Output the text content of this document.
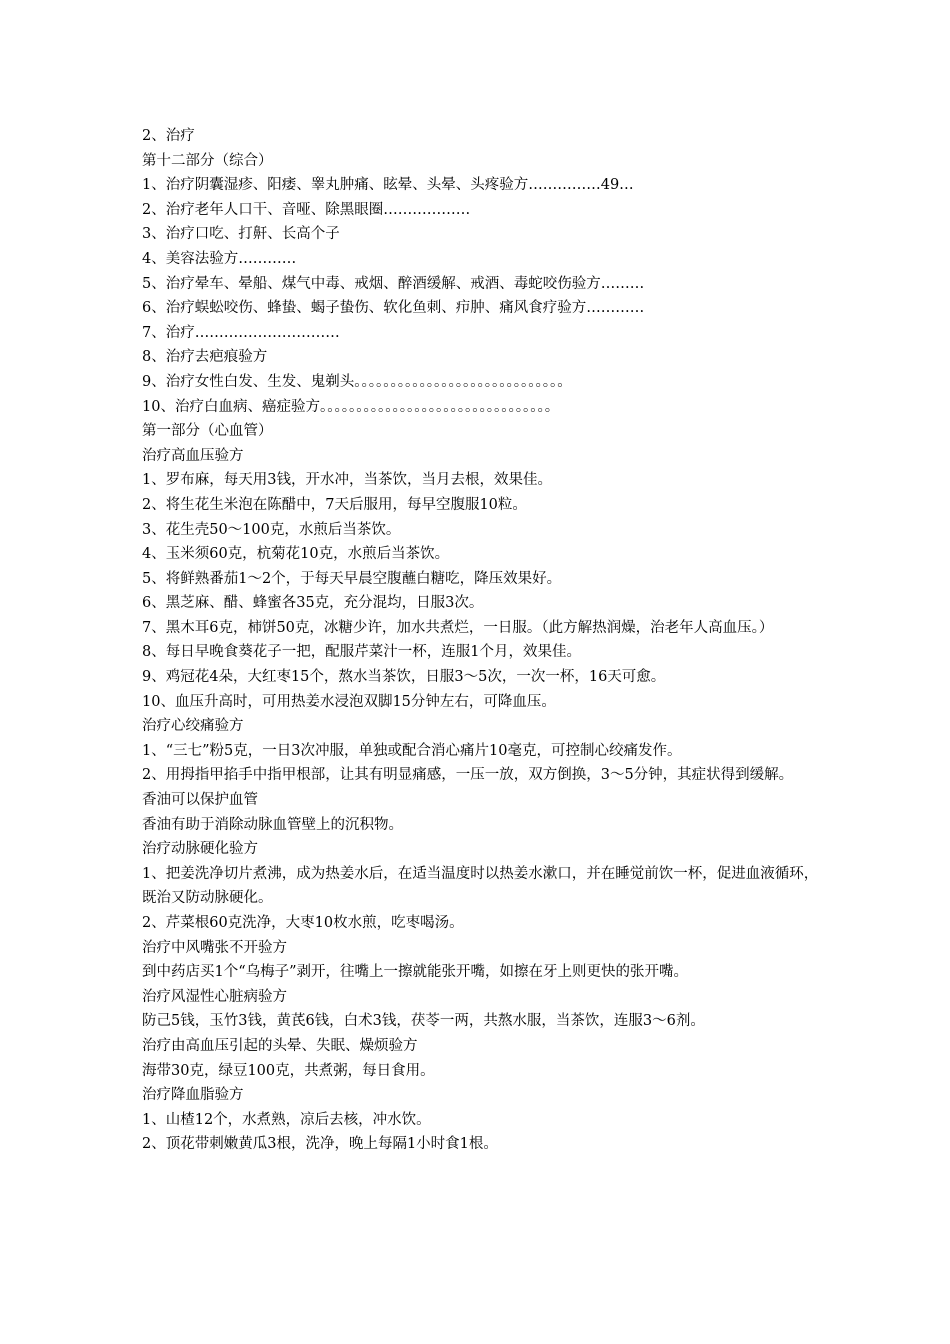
2、治疗

第十二部分（综合）

1、治疗阴囊湿疹、阳痿、睾丸肿痛、眩晕、头晕、头疼验方……………49…

2、治疗老年人口干、音哑、除黑眼圈………………

3、治疗口吃、打鼾、长高个子

4、美容法验方…………

5、治疗晕车、晕船、煤气中毒、戒烟、醉酒缓解、戒酒、毒蛇咬伤验方………

6、治疗蜈蚣咬伤、蜂蛰、蝎子蛰伤、软化鱼刺、疖肿、痛风食疗验方…………

7、治疗…………………………

8、治疗去疤痕验方

9、治疗女性白发、生发、鬼剃头。。。。。。。。。。。。。。。。。。。。。。。。。。。。。

10、治疗白血病、癌症验方。。。。。。。。。。。。。。。。。。。。。。。。。。。。。。。。

第一部分（心血管）

治疗高血压验方

1、罗布麻，每天用3钱，开水冲，当茶饮，当月去根，效果佳。

2、将生花生米泡在陈醋中，7天后服用，每早空腹服10粒。

3、花生壳50～100克，水煎后当茶饮。

4、玉米须60克，杭菊花10克，水煎后当茶饮。

5、将鲜熟番茄1～2个，于每天早晨空腹蘸白糖吃，降压效果好。

6、黑芝麻、醋、蜂蜜各35克，充分混均，日服3次。

7、黑木耳6克，柿饼50克，冰糖少许，加水共煮烂，一日服。（此方解热润燥，治老年人高血压。）

8、每日早晚食葵花子一把，配服芹菜汁一杯，连服1个月，效果佳。

9、鸡冠花4朵，大红枣15个，熬水当茶饮，日服3～5次，一次一杯，16天可愈。

10、血压升高时，可用热姜水浸泡双脚15分钟左右，可降血压。

治疗心绞痛验方

1、“三七”粉5克，一日3次冲服，单独或配合消心痛片10毫克，可控制心绞痛发作。

2、用拇指甲掐手中指甲根部，让其有明显痛感，一压一放，双方倒换，3～5分钟，其症状得到缓解。

香油可以保护血管

香油有助于消除动脉血管壁上的沉积物。

治疗动脉硬化验方

1、把姜洗净切片煮沸，成为热姜水后，在适当温度时以热姜水漱口，并在睡觉前饮一杯，促进血液循环，既治又防动脉硬化。

2、芹菜根60克洗净，大枣10枚水煎，吃枣喝汤。

治疗中风嘴张不开验方

到中药店买1个“乌梅子”剥开，往嘴上一擦就能张开嘴，如擦在牙上则更快的张开嘴。

治疗风湿性心脏病验方

防己5钱，玉竹3钱，黄芪6钱，白术3钱，茯苓一两，共熬水服，当茶饮，连服3～6剂。

治疗由高血压引起的头晕、失眠、燥烦验方

海带30克，绿豆100克，共煮粥，每日食用。

治疗降血脂验方

1、山楂12个，水煮熟，凉后去核，冲水饮。

2、顶花带刺嫩黄瓜3根，洗净，晚上每隔1小时食1根。
